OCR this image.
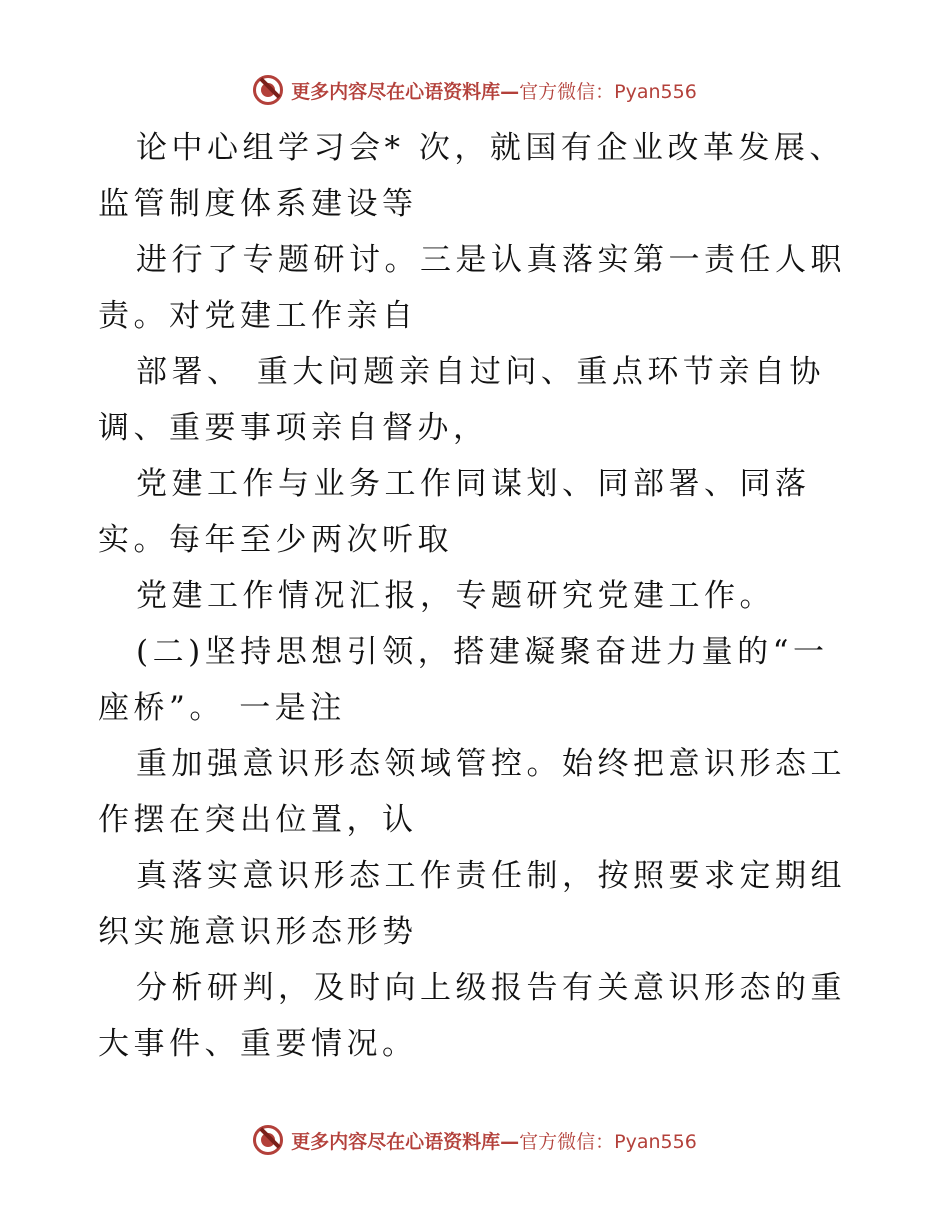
更多内容尽在心语资料库— 官方微信：Pyan556

论中心组学习会* 次，就国有企业改革发展、监管制度体系建设等

进行了专题研讨。三是认真落实第一责任人职责。对党建工作亲自

部署、 重大问题亲自过问、重点环节亲自协调、重要事项亲自督办，

党建工作与业务工作同谋划、同部署、同落实。每年至少两次听取

党建工作情况汇报，专题研究党建工作。

(二)坚持思想引领，搭建凝聚奋进力量的“一座桥”。 一是注

重加强意识形态领域管控。始终把意识形态工作摆在突出位置，认

真落实意识形态工作责任制，按照要求定期组织实施意识形态形势

分析研判，及时向上级报告有关意识形态的重大事件、重要情况。

更多内容尽在心语资料库— 官方微信：Pyan556
